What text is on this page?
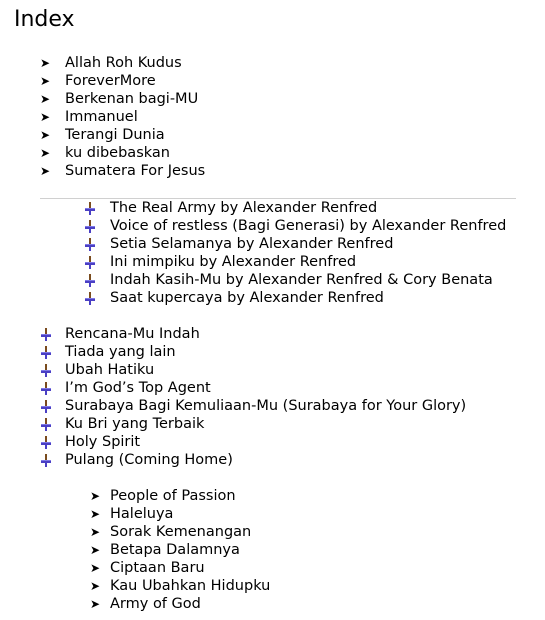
Index
➤ Allah Roh Kudus
➤ ForeverMore
➤ Berkenan bagi-MU
➤ Immanuel
➤ Terangi Dunia
➤ ku dibebaskan
➤ Sumatera For Jesus
The Real Army by Alexander Renfred
Voice of restless (Bagi Generasi) by Alexander Renfred
Setia Selamanya by Alexander Renfred
Ini mimpiku by Alexander Renfred
Indah Kasih-Mu by Alexander Renfred & Cory Benata
Saat kupercaya by Alexander Renfred
Rencana-Mu Indah
Tiada yang lain
Ubah Hatiku
I’m God’s Top Agent
Surabaya Bagi Kemuliaan-Mu (Surabaya for Your Glory)
Ku Bri yang Terbaik
Holy Spirit
Pulang (Coming Home)
➤ People of Passion
➤ Haleluya
➤ Sorak Kemenangan
➤ Betapa Dalamnya
➤ Ciptaan Baru
➤ Kau Ubahkan Hidupku
➤ Army of God
